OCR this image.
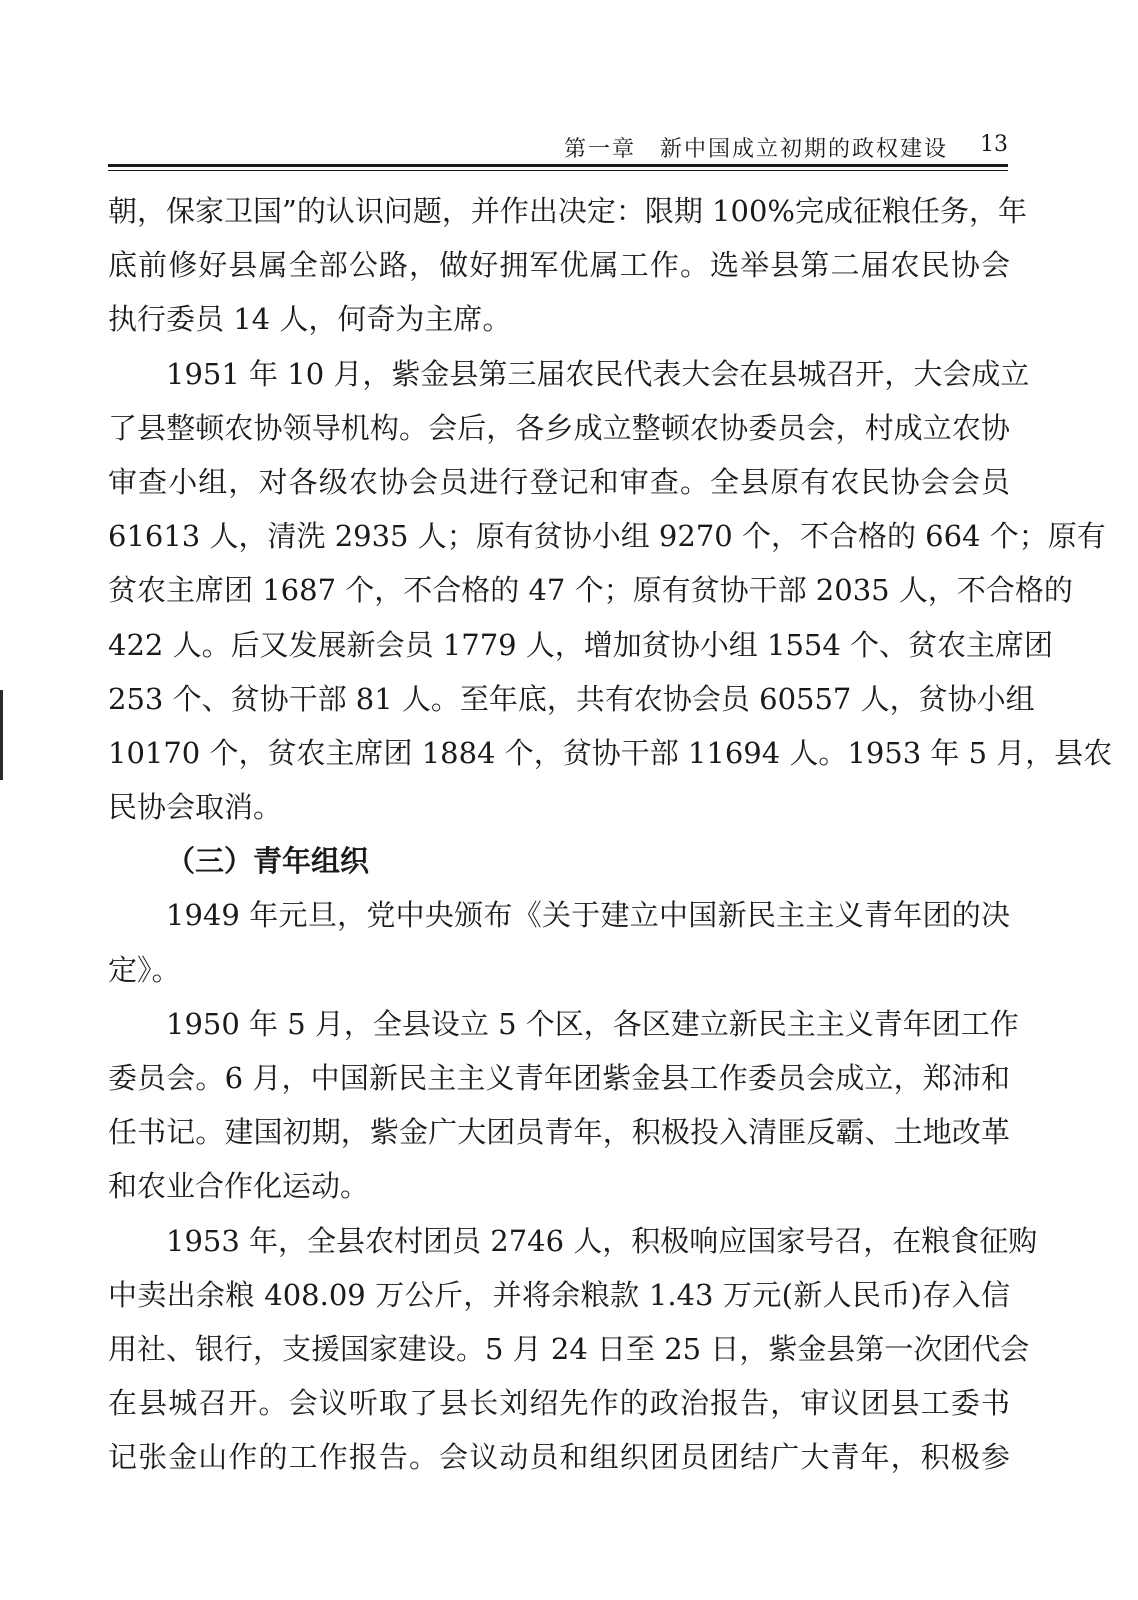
第一章　新中国成立初期的政权建设 13
朝，保家卫国”的认识问题，并作出决定：限期 100%完成征粮任务，年
底前修好县属全部公路，做好拥军优属工作。选举县第二届农民协会
执行委员 14 人，何奇为主席。
1951 年 10 月，紫金县第三届农民代表大会在县城召开，大会成立
了县整顿农协领导机构。会后，各乡成立整顿农协委员会，村成立农协
审查小组，对各级农协会员进行登记和审查。全县原有农民协会会员
61613 人，清洗 2935 人；原有贫协小组 9270 个，不合格的 664 个；原有
贫农主席团 1687 个，不合格的 47 个；原有贫协干部 2035 人，不合格的
422 人。后又发展新会员 1779 人，增加贫协小组 1554 个、贫农主席团
253 个、贫协干部 81 人。至年底，共有农协会员 60557 人，贫协小组
10170 个，贫农主席团 1884 个，贫协干部 11694 人。1953 年 5 月，县农
民协会取消。
（三）青年组织
1949 年元旦，党中央颁布《关于建立中国新民主主义青年团的决
定》。
1950 年 5 月，全县设立 5 个区，各区建立新民主主义青年团工作
委员会。6 月，中国新民主主义青年团紫金县工作委员会成立，郑沛和
任书记。建国初期，紫金广大团员青年，积极投入清匪反霸、土地改革
和农业合作化运动。
1953 年，全县农村团员 2746 人，积极响应国家号召，在粮食征购
中卖出余粮 408.09 万公斤，并将余粮款 1.43 万元(新人民币)存入信
用社、银行，支援国家建设。5 月 24 日至 25 日，紫金县第一次团代会
在县城召开。会议听取了县长刘绍先作的政治报告，审议团县工委书
记张金山作的工作报告。会议动员和组织团员团结广大青年，积极参
